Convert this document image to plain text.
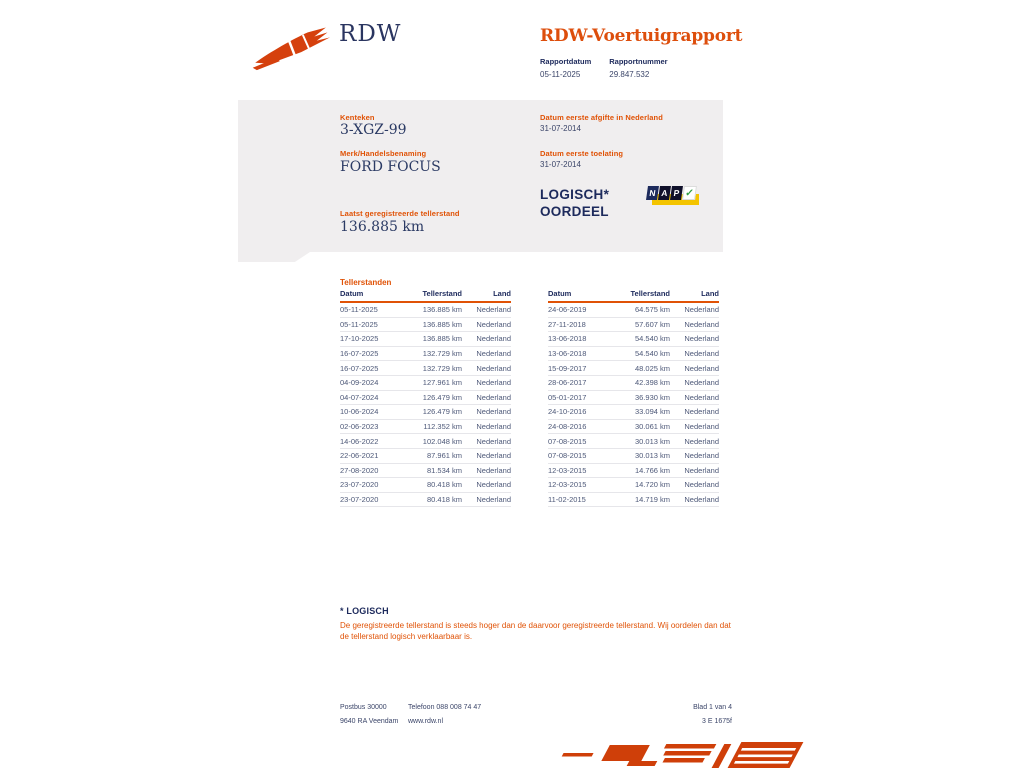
RDW	RDW-Voertuigrapport
Rapportdatum
05-11-2025
Rapportnummer
29.847.532
Kenteken
3-XGZ-99
Merk/Handelsbenaming
FORD FOCUS
Laatst geregistreerde tellerstand
136.885 km
Datum eerste afgifte in Nederland
31-07-2014
Datum eerste toelating
31-07-2014
LOGISCH*
OORDEEL
N A P ✓
Tellerstanden
Datum	Tellerstand	Land
05-11-2025	136.885 km	Nederland
05-11-2025	136.885 km	Nederland
17-10-2025	136.885 km	Nederland
16-07-2025	132.729 km	Nederland
16-07-2025	132.729 km	Nederland
04-09-2024	127.961 km	Nederland
04-07-2024	126.479 km	Nederland
10-06-2024	126.479 km	Nederland
02-06-2023	112.352 km	Nederland
14-06-2022	102.048 km	Nederland
22-06-2021	87.961 km	Nederland
27-08-2020	81.534 km	Nederland
23-07-2020	80.418 km	Nederland
23-07-2020	80.418 km	Nederland
Datum	Tellerstand	Land
24-06-2019	64.575 km	Nederland
27-11-2018	57.607 km	Nederland
13-06-2018	54.540 km	Nederland
13-06-2018	54.540 km	Nederland
15-09-2017	48.025 km	Nederland
28-06-2017	42.398 km	Nederland
05-01-2017	36.930 km	Nederland
24-10-2016	33.094 km	Nederland
24-08-2016	30.061 km	Nederland
07-08-2015	30.013 km	Nederland
07-08-2015	30.013 km	Nederland
12-03-2015	14.766 km	Nederland
12-03-2015	14.720 km	Nederland
11-02-2015	14.719 km	Nederland
* LOGISCH
De geregistreerde tellerstand is steeds hoger dan de daarvoor geregistreerde tellerstand. Wij oordelen dan dat de tellerstand logisch verklaarbaar is.
Postbus 30000
9640 RA Veendam
Telefoon 088 008 74 47
www.rdw.nl
Blad 1 van 4
3 E 1675f
